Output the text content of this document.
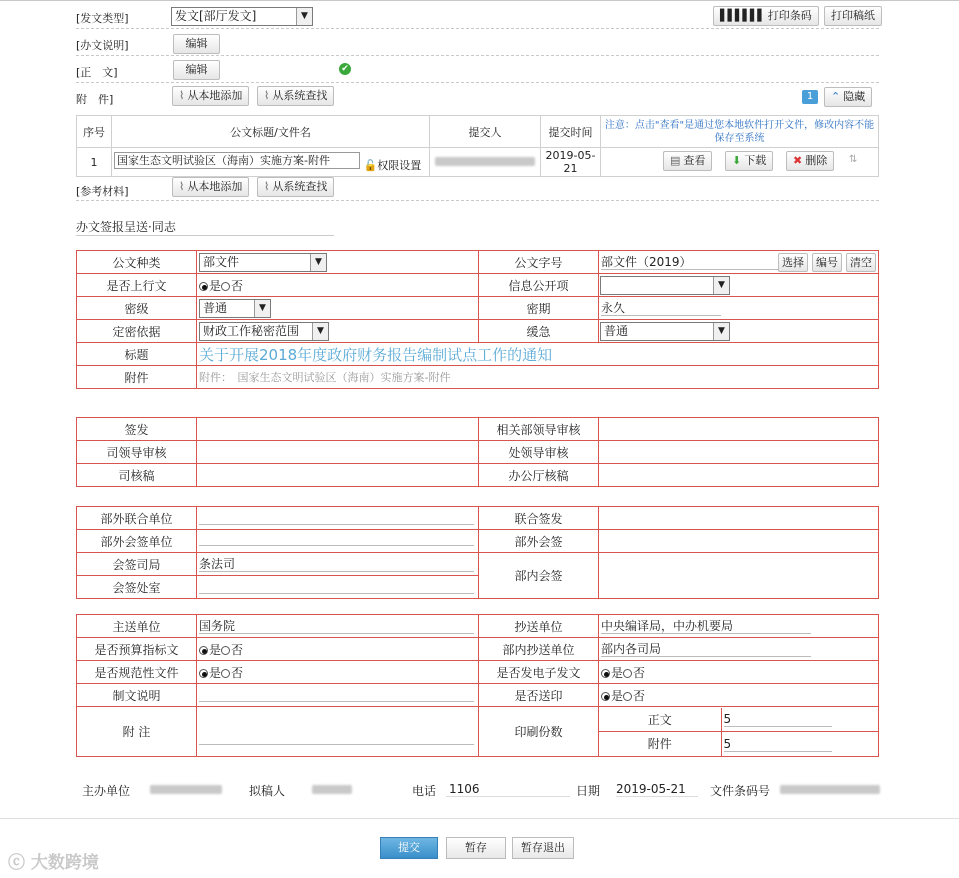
[发文类型]	发文[部厅发文]	▼	▌▌▌▌▌▌ 打印条码	打印稿纸
[办文说明]	编辑
[正　文]	编辑	✔
附　件]	⌇ 从本地添加	⌇ 从系统查找	1	⌃ 隐藏
序号	公文标题/文件名	提交人	提交时间	注意：点击"查看"是通过您本地软件打开文件，修改内容不能保存至系统
1	国家生态文明试验区（海南）实施方案-附件 🔓权限设置		2019-05-21	▤ 查看 ⬇ 下载 ✖ 删除 ⇅
[参考材料]	⌇ 从本地添加	⌇ 从系统查找
办文签报呈送·同志
公文种类	部文件 ▼	公文字号	部文件（2019） 选择 编号 清空

是否上行文	是 否	信息公开项	▼

密级	普通 ▼	密期	永久
定密依据	财政工作秘密范围 ▼	缓急	普通 ▼

标题	关于开展2018年度政府财务报告编制试点工作的通知		
附件	附件：　国家生态文明试验区（海南）实施方案-附件		
签发		相关部领导审核	
司领导审核		处领导审核	
司核稿		办公厅核稿	
部外联合单位		联合签发	
部外会签单位		部外会签	
会签司局	条法司	部内会签	
会签处室			
主送单位	国务院	抄送单位	中央编译局，中办机要局
是否预算指标文	是 否	部内抄送单位	部内各司局
是否规范性文件	是 否	是否发电子发文	是 否
制文说明		是否送印	是 否
附 注		印刷份数	
正文	5
附件	5
主办单位	拟稿人	电话 1106	日期 2019-05-21	文件条码号
提交	暂存	暂存退出
ⓒ 大数跨境
